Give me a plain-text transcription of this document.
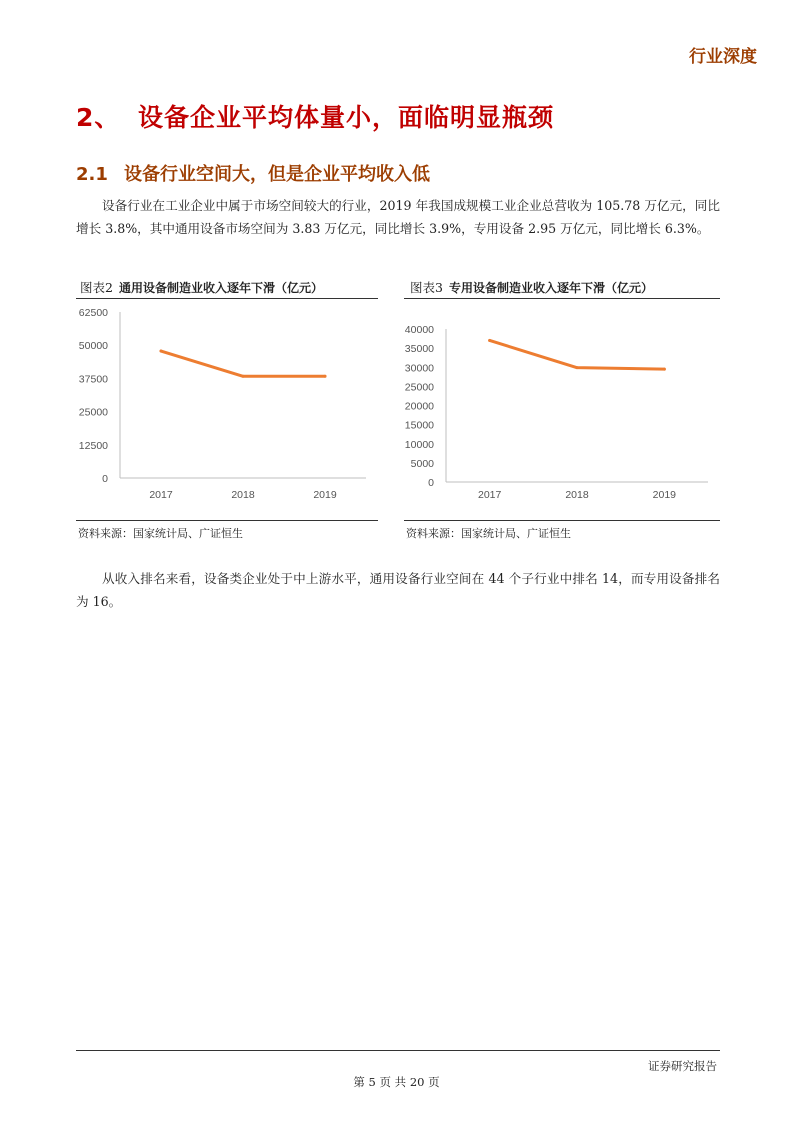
行业深度
2、 设备企业平均体量小，面临明显瓶颈
2.1 设备行业空间大，但是企业平均收入低
设备行业在工业企业中属于市场空间较大的行业，2019 年我国成规模工业企业总营收为 105.78 万亿元，同比增长 3.8%，其中通用设备市场空间为 3.83 万亿元，同比增长 3.9%，专用设备 2.95 万亿元，同比增长 6.3%。
图表2 通用设备制造业收入逐年下滑（亿元）
0
12500
25000
37500
50000
62500
2017	2018	2019
资料来源：国家统计局、广证恒生
图表3 专用设备制造业收入逐年下滑（亿元）
0
5000
10000
15000
20000
25000
30000
35000
40000
2017	2018	2019
资料来源：国家统计局、广证恒生
从收入排名来看，设备类企业处于中上游水平，通用设备行业空间在 44 个子行业中排名 14，而专用设备排名为 16。
证券研究报告
第 5 页 共 20 页
